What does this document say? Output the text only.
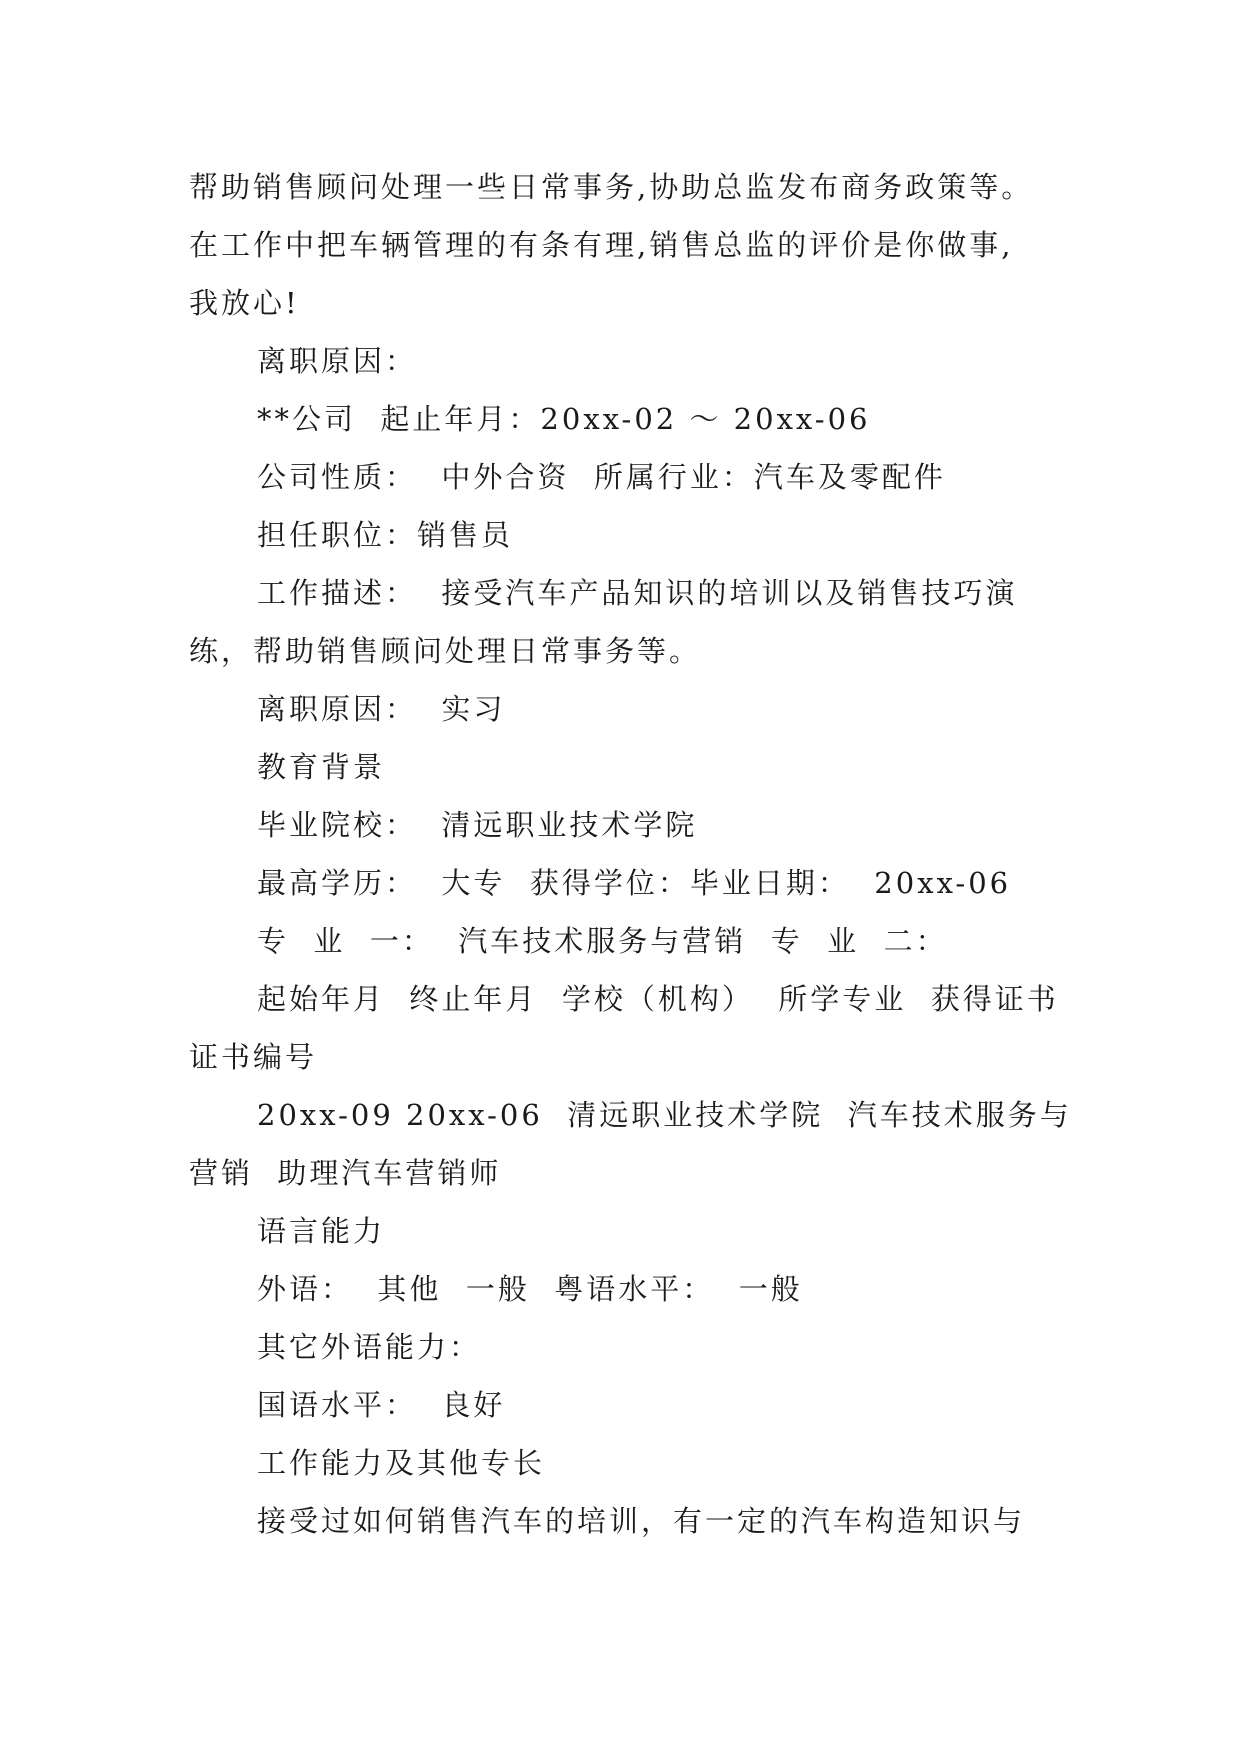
帮助销售顾问处理一些日常事务,协助总监发布商务政策等。
在工作中把车辆管理的有条有理,销售总监的评价是你做事,
我放心!
离职原因：
**公司  起止年月：20xx-02 ～ 20xx-06
公司性质：  中外合资  所属行业：汽车及零配件
担任职位：销售员
工作描述：  接受汽车产品知识的培训以及销售技巧演
练，帮助销售顾问处理日常事务等。
离职原因：  实习
教育背景
毕业院校：  清远职业技术学院
最高学历：  大专  获得学位：毕业日期：  20xx-06
专  业  一：  汽车技术服务与营销  专  业  二：
起始年月  终止年月  学校（机构）  所学专业  获得证书
证书编号
20xx-09 20xx-06  清远职业技术学院  汽车技术服务与
营销  助理汽车营销师
语言能力
外语：  其他  一般  粤语水平：  一般
其它外语能力：
国语水平：  良好
工作能力及其他专长
接受过如何销售汽车的培训，有一定的汽车构造知识与
